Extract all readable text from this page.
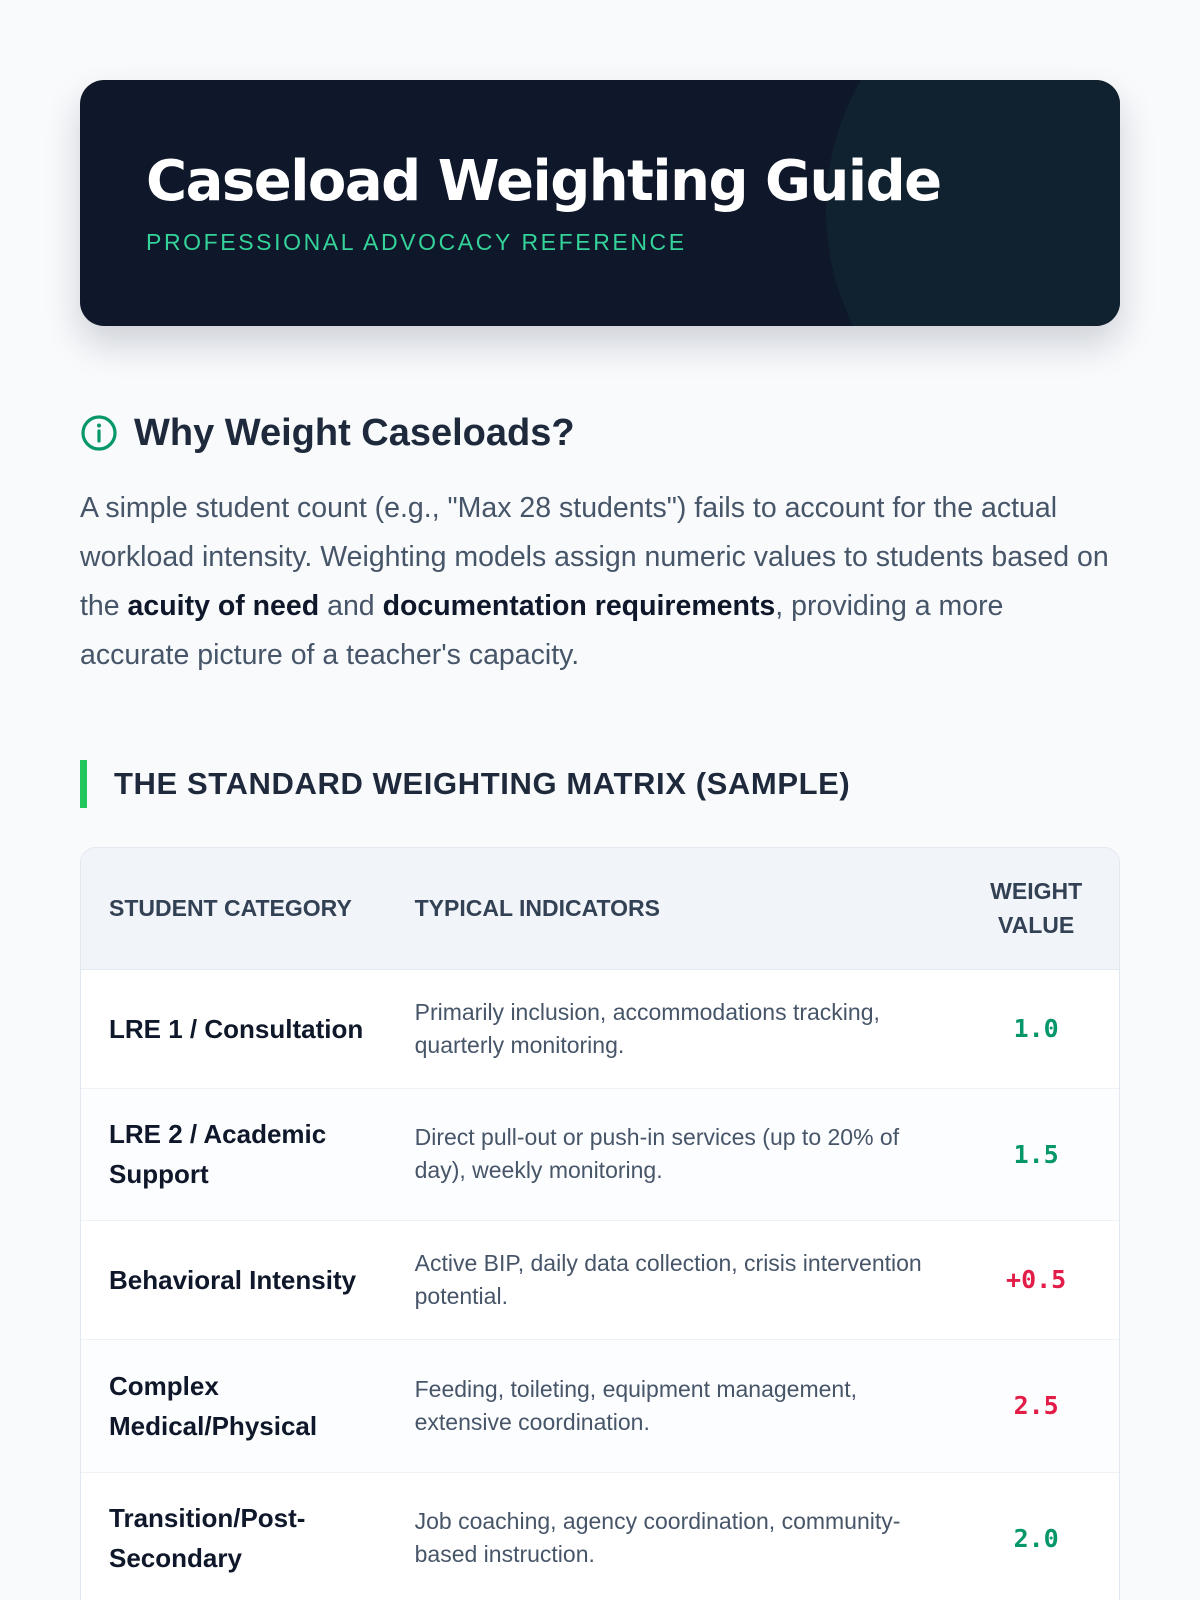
Caseload Weighting Guide
PROFESSIONAL ADVOCACY REFERENCE
Why Weight Caseloads?

A simple student count (e.g., "Max 28 students") fails to account for the actual workload intensity. Weighting models assign numeric values to students based on the acuity of need and documentation requirements, providing a more accurate picture of a teacher's capacity.

THE STANDARD WEIGHTING MATRIX (SAMPLE)
STUDENT CATEGORY	TYPICAL INDICATORS	WEIGHT
VALUE
LRE 1 / Consultation	Primarily inclusion, accommodations tracking, quarterly monitoring.	1.0
LRE 2 / Academic Support	Direct pull-out or push-in services (up to 20% of day), weekly monitoring.	1.5
Behavioral Intensity	Active BIP, daily data collection, crisis intervention potential.	+0.5
Complex Medical/Physical	Feeding, toileting, equipment management, extensive coordination.	2.5
Transition/Post-Secondary	Job coaching, agency coordination, community-based instruction.	2.0
